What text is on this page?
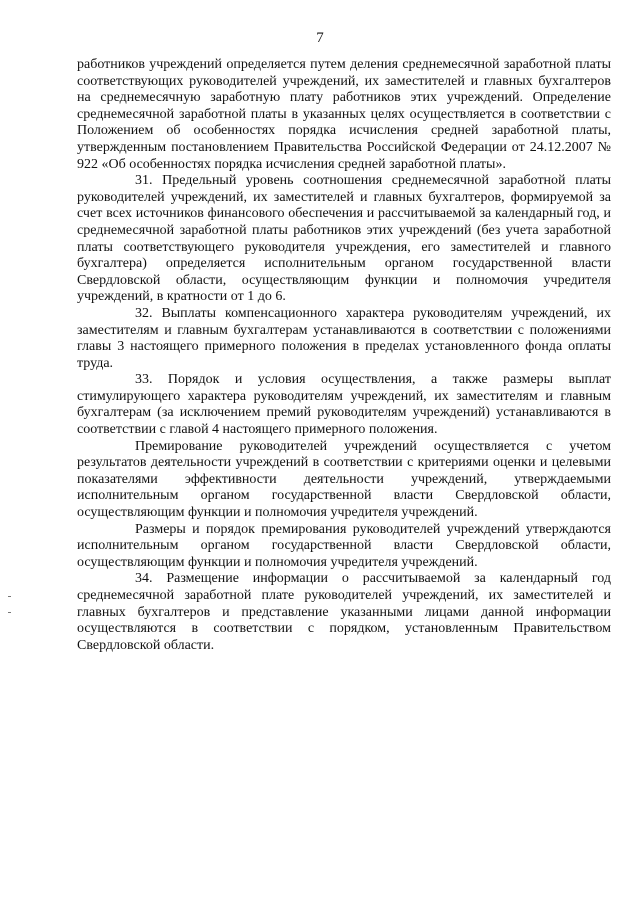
7

работников учреждений определяется путем деления среднемесячной заработной платы соответствующих руководителей учреждений, их заместителей и главных бухгалтеров на среднемесячную заработную плату работников этих учреждений. Определение среднемесячной заработной платы в указанных целях осуществляется в соответствии с Положением об особенностях порядка исчисления средней заработной платы, утвержденным постановлением Правительства Российской Федерации от 24.12.2007 № 922 «Об особенностях порядка исчисления средней заработной платы».

31. Предельный уровень соотношения среднемесячной заработной платы руководителей учреждений, их заместителей и главных бухгалтеров, формируемой за счет всех источников финансового обеспечения и рассчитываемой за календарный год, и среднемесячной заработной платы работников этих учреждений (без учета заработной платы соответствующего руководителя учреждения, его заместителей и главного бухгалтера) определяется исполнительным органом государственной власти Свердловской области, осуществляющим функции и полномочия учредителя учреждений, в кратности от 1 до 6.

32. Выплаты компенсационного характера руководителям учреждений, их заместителям и главным бухгалтерам устанавливаются в соответствии с положениями главы 3 настоящего примерного положения в пределах установленного фонда оплаты труда.

33. Порядок и условия осуществления, а также размеры выплат стимулирующего характера руководителям учреждений, их заместителям и главным бухгалтерам (за исключением премий руководителям учреждений) устанавливаются в соответствии с главой 4 настоящего примерного положения.

Премирование руководителей учреждений осуществляется с учетом результатов деятельности учреждений в соответствии с критериями оценки и целевыми показателями эффективности деятельности учреждений, утверждаемыми исполнительным органом государственной власти Свердловской области, осуществляющим функции и полномочия учредителя учреждений.

Размеры и порядок премирования руководителей учреждений утверждаются исполнительным органом государственной власти Свердловской области, осуществляющим функции и полномочия учредителя учреждений.

34. Размещение информации о рассчитываемой за календарный год среднемесячной заработной плате руководителей учреждений, их заместителей и главных бухгалтеров и представление указанными лицами данной информации осуществляются в соответствии с порядком, установленным Правительством Свердловской области.
